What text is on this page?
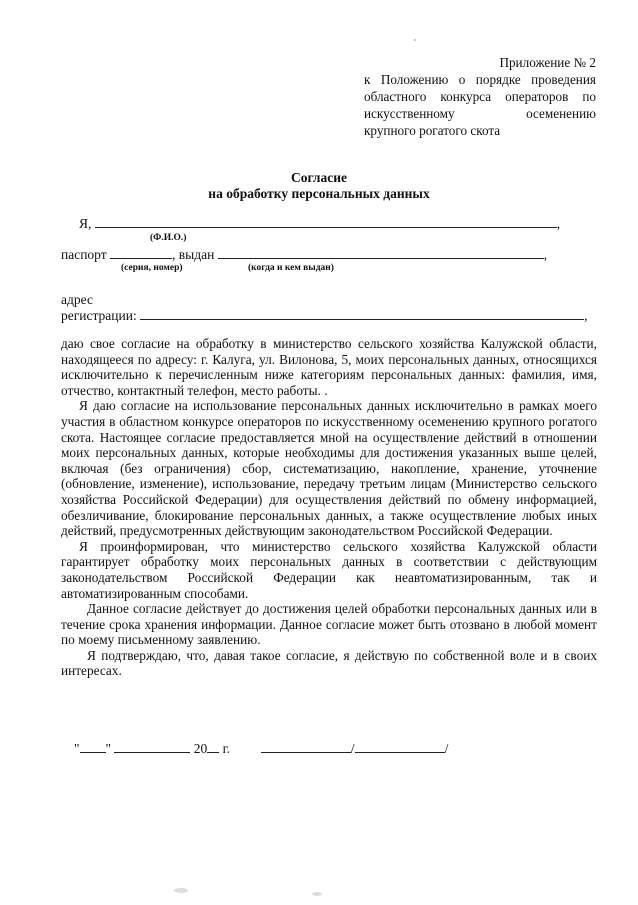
Приложение № 2
к Положению о порядке проведения
областного конкурса операторов по
искусственному осеменению
крупного рогатого скота
Согласие
на обработку персональных данных
Я,	,
(Ф.И.О.)
паспорт	, выдан	,
(серия, номер)	(когда и кем выдан)
адрес
регистрации:	,

даю свое согласие на обработку в министерство сельского хозяйства Калужской области, находящееся по адресу: г. Калуга, ул. Вилонова, 5, моих персональных данных, относящихся исключительно к перечисленным ниже категориям персональных данных: фамилия, имя, отчество, контактный телефон, место работы. .

Я даю согласие на использование персональных данных исключительно в рамках моего участия в областном конкурсе операторов по искусственному осеменению крупного рогатого скота. Настоящее согласие предоставляется мной на осуществление действий в отношении моих персональных данных, которые необходимы для достижения указанных выше целей, включая (без ограничения) сбор, систематизацию, накопление, хранение, уточнение (обновление, изменение), использование, передачу третьим лицам (Министерство сельского хозяйства Российской Федерации) для осуществления действий по обмену информацией, обезличивание, блокирование персональных данных, а также осуществление любых иных действий, предусмотренных действующим законодательством Российской Федерации.

Я проинформирован, что министерство сельского хозяйства Калужской области гарантирует обработку моих персональных данных в соответствии с действующим законодательством Российской Федерации как неавтоматизированным, так и автоматизированным способами.

Данное согласие действует до достижения целей обработки персональных данных или в течение срока хранения информации. Данное согласие может быть отозвано в любой момент по моему письменному заявлению.

Я подтверждаю, что, давая такое согласие, я действую по собственной воле и в своих интересах.

" "	20 г.	/	/
